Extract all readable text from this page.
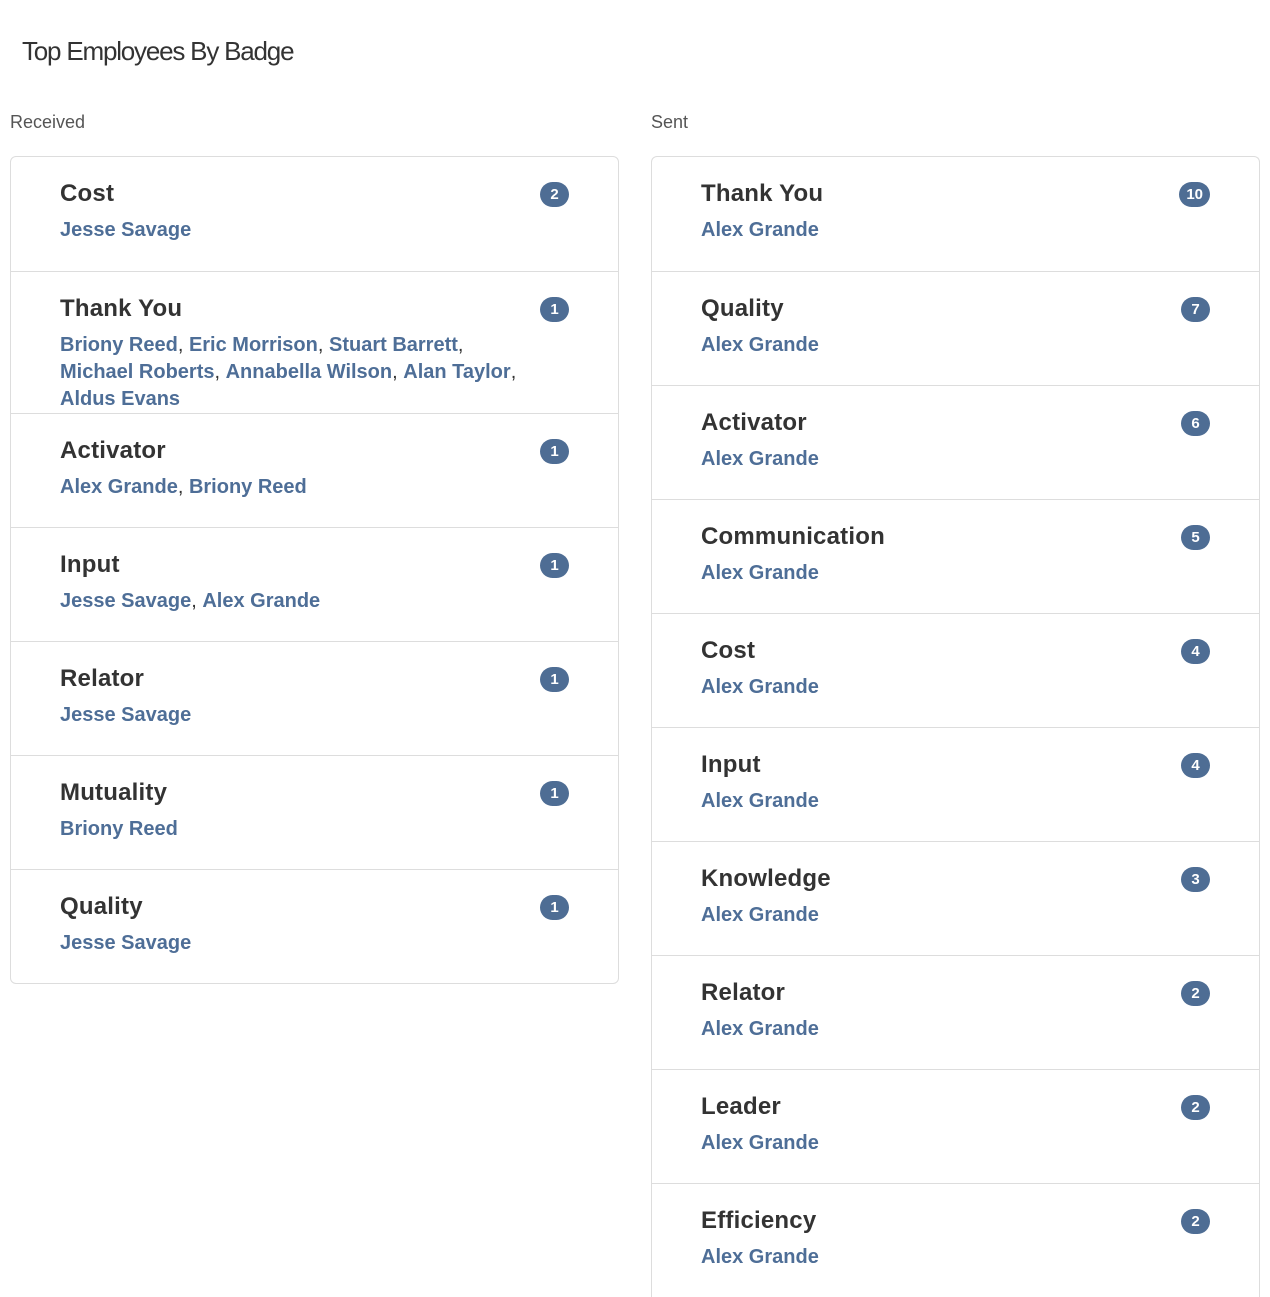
Top Employees By Badge
Received
Cost	2
Jesse Savage
Thank You	1
Briony Reed, Eric Morrison, Stuart Barrett, Michael Roberts, Annabella Wilson, Alan Taylor, Aldus Evans
Activator	1
Alex Grande, Briony Reed
Input	1
Jesse Savage, Alex Grande
Relator	1
Jesse Savage
Mutuality	1
Briony Reed
Quality	1
Jesse Savage
Sent
Thank You	10
Alex Grande
Quality	7
Alex Grande
Activator	6
Alex Grande
Communication	5
Alex Grande
Cost	4
Alex Grande
Input	4
Alex Grande
Knowledge	3
Alex Grande
Relator	2
Alex Grande
Leader	2
Alex Grande
Efficiency	2
Alex Grande
